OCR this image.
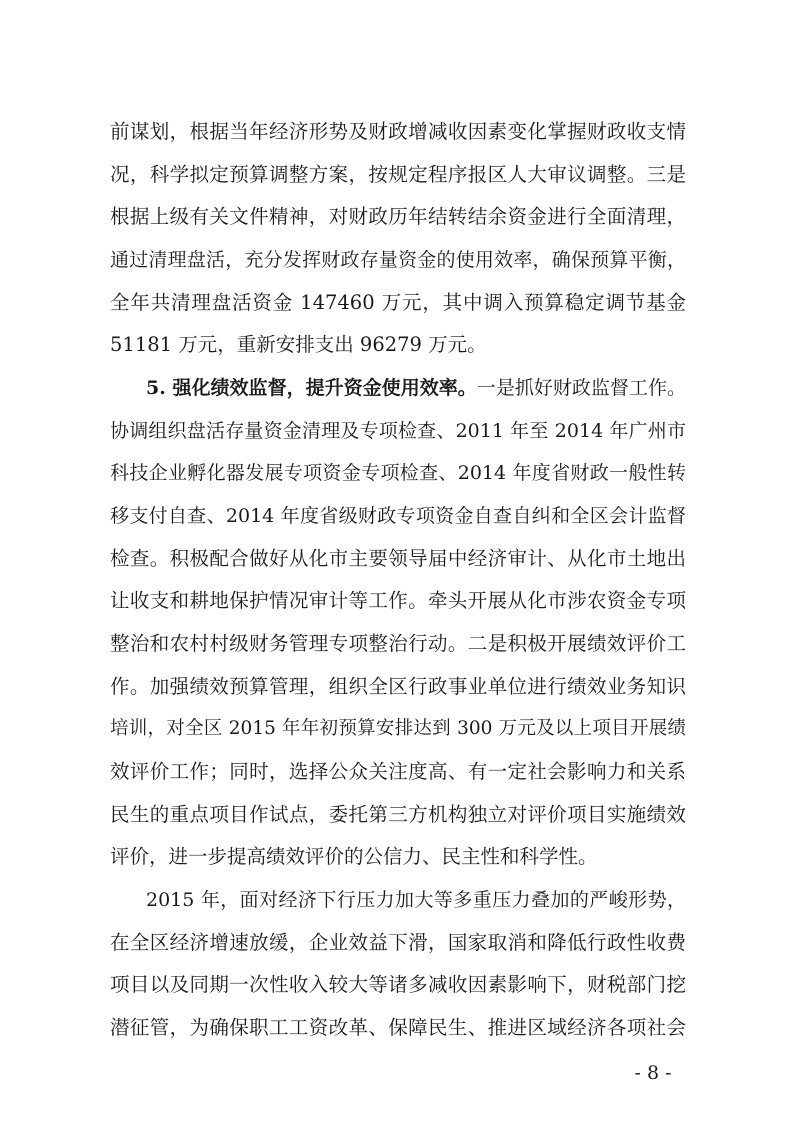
前谋划，根据当年经济形势及财政增减收因素变化掌握财政收支情
况，科学拟定预算调整方案，按规定程序报区人大审议调整。三是
根据上级有关文件精神，对财政历年结转结余资金进行全面清理，
通过清理盘活，充分发挥财政存量资金的使用效率，确保预算平衡，
全年共清理盘活资金 147460 万元，其中调入预算稳定调节基金
51181 万元，重新安排支出 96279 万元。
5. 强化绩效监督，提升资金使用效率。一是抓好财政监督工作。
协调组织盘活存量资金清理及专项检查、2011 年至 2014 年广州市
科技企业孵化器发展专项资金专项检查、2014 年度省财政一般性转
移支付自查、2014 年度省级财政专项资金自查自纠和全区会计监督
检查。积极配合做好从化市主要领导届中经济审计、从化市土地出
让收支和耕地保护情况审计等工作。牵头开展从化市涉农资金专项
整治和农村村级财务管理专项整治行动。二是积极开展绩效评价工
作。加强绩效预算管理，组织全区行政事业单位进行绩效业务知识
培训，对全区 2015 年年初预算安排达到 300 万元及以上项目开展绩
效评价工作；同时，选择公众关注度高、有一定社会影响力和关系
民生的重点项目作试点，委托第三方机构独立对评价项目实施绩效
评价，进一步提高绩效评价的公信力、民主性和科学性。
2015 年，面对经济下行压力加大等多重压力叠加的严峻形势，
在全区经济增速放缓，企业效益下滑，国家取消和降低行政性收费
项目以及同期一次性收入较大等诸多减收因素影响下，财税部门挖
潜征管，为确保职工工资改革、保障民生、推进区域经济各项社会
- 8 -
